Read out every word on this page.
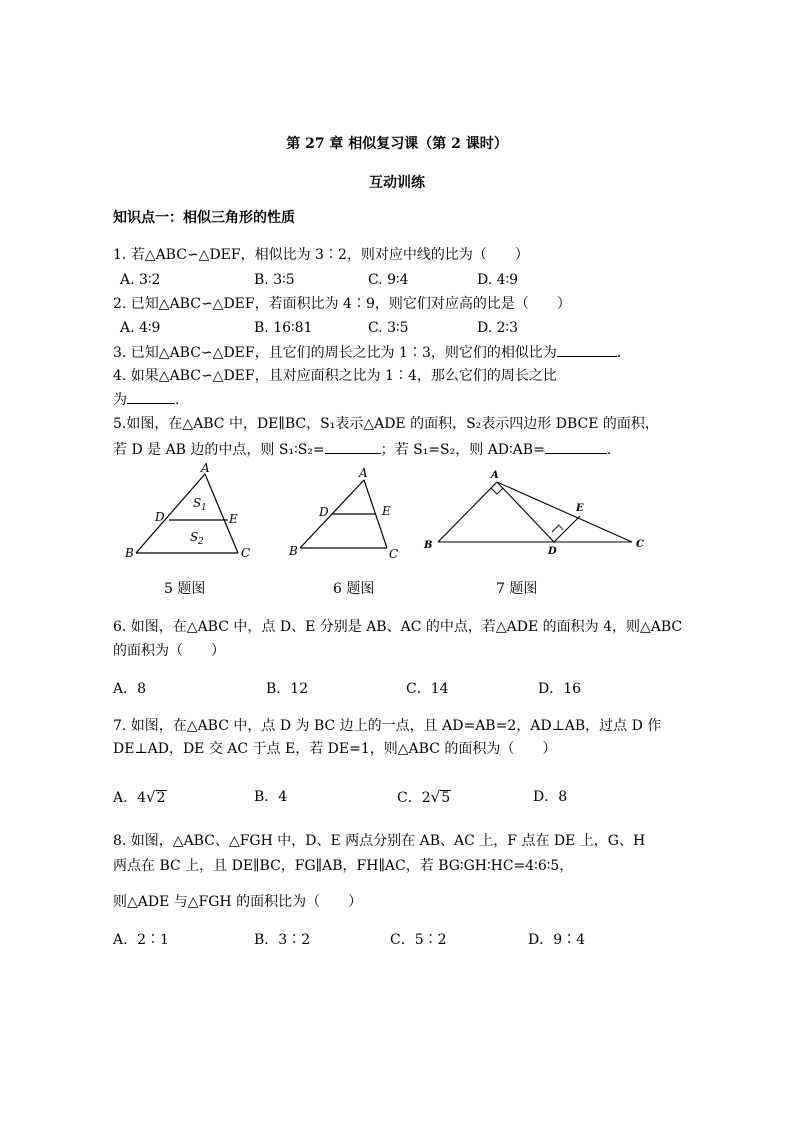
第 27 章 相似复习课（第 2 课时）
互动训练
知识点一：相似三角形的性质
1. 若△ABC∽△DEF，相似比为 3∶2，则对应中线的比为（　　）
A. 3∶2	B. 3∶5	C. 9∶4	D. 4∶9
2. 已知△ABC∽△DEF，若面积比为 4∶9，则它们对应高的比是（　　）
A. 4∶9	B. 16∶81	C. 3∶5	D. 2∶3
3. 已知△ABC∽△DEF，且它们的周长之比为 1∶3，则它们的相似比为	.
4. 如果△ABC∽△DEF，且对应面积之比为 1∶4，那么它们的周长之比
为	.
5.如图，在△ABC 中，DE∥BC，S₁表示△ADE 的面积，S₂表示四边形 DBCE 的面积，
若 D 是 AB 边的中点，则 S₁∶S₂=	；若 S₁=S₂，则 AD∶AB=	.
A
B	C
D	E
S 1
S 2
A
B	C
D	E
A
B	C
D
E
5 题图	6 题图	7 题图
6. 如图，在△ABC 中，点 D、E 分别是 AB、AC 的中点，若△ADE 的面积为 4，则△ABC
的面积为（　　）
A．8	B．12	C．14	D．16
7. 如图，在△ABC 中，点 D 为 BC 边上的一点，且 AD=AB=2，AD⊥AB，过点 D 作
DE⊥AD，DE 交 AC 于点 E，若 DE=1，则△ABC 的面积为（　　）
A．4√2	B．4	C．2√5	D．8
8. 如图，△ABC、△FGH 中，D、E 两点分别在 AB、AC 上，F 点在 DE 上，G、H
两点在 BC 上，且 DE∥BC，FG∥AB，FH∥AC，若 BG∶GH∶HC=4∶6∶5，
则△ADE 与△FGH 的面积比为（　　）
A．2∶1	B．3∶2	C．5∶2	D．9∶4
